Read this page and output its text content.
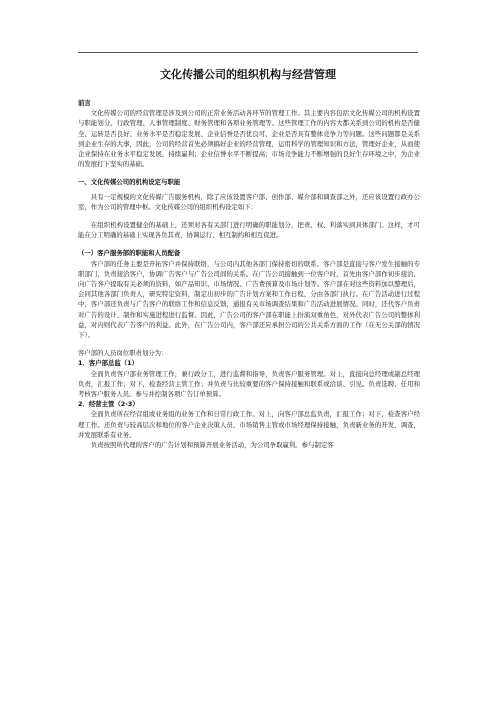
文化传播公司的组织机构与经营管理

前言

文化传媒公司的经营管理是涉及到公司的正常业务活动各环节的管理工作。其主要内容包括文化传媒公司的机构设置与职能划分、行政管理、人事管理制度、财务管理和各项业务管理等。这些管理工作的内容大都关系到公司的机构是否健全、运转是否良好、业务水平是否稳定发展、企业信誉是否优良可、企业是否具有整体竞争力等问题。这些问题都是关系到企业生存的大事，因此，公司的经营首先必须搞好企业的经营管理，运用科学的管理知识和方法，管理好企业，从而使企业保持在业务水平稳定发展，持续赢利；企业信誉水平不断提高；市场竞争能力不断增强的良好生存环境之中，为企业的发展打下坚实的基础。

一、文化传媒公司的机构设定与职能

具有一定规模的文化传媒广告服务机构，除了应该设置客户部、创作部、媒介部和调查部之外，还应该设置行政办公室，作为公司的管理中枢。文化传媒公司的组织机构设定如下：

在组织机构设置健全的基础上，还须对各有关部门进行明确的职能划分，把责、权、利落实到具体部门。这样，才可能在分工明确的基础上实现各负其责、协调运行、相互制约和相互促进。

（一）客户服务部的职能和人员配备

客户部的任务主要是开拓客户并保持联络，与公司内其他各部门保持密切的联系。客户部是直接与客户发生接触的专职部门，负责接洽客户，协调广告客户与广告公司间的关系。在广告公司接触到一位客户时，首先由客户部作初步接洽，向广告客户提取有关必须的资料，如产品知识、市场情况、广告费预算及市场计划等。客户部在对这些资料加以整理后，会同其他各部门负责人，研究特定资料，制定出初步的广告计划方案和工作日程，分由各部门执行。在广告活动进行过程中，客户部还负责与广告客户的联络工作和信息反馈，通报有关市场调查结果和广告活动进展情况。同时，还代客户负责对广告的设计、制作和实施进程进行监督。因此，广告公司的客户部在职能上扮演双重角色，对外代表广告公司的整体利益，对内则代表广告客户的利益。此外，在广告公司内，客户部还应承担公司的公共关系方面的工作（在无公关部的情况下）。

客户部的人员岗位职责划分为：

1．客户部总监（1）

全面负责客户部业务管理工作，兼行政分工，进行监督和指导，负责客户服务管理。对上，直接向总经理或副总经理负责，汇报工作；对下，检查经营主管工作；并负责与比较重要的客户保持接触和联系或洽谈、引见。负责选聘、任用和考核客户服务人员。参与并控制各项广告订单预算。

2．经营主管（2-3）

全面负责所在经营组或业务组的业务工作和日常行政工作。对上，向客户部总监负责，汇报工作；对下，检查客户经理工作。还负责与较高层次和地位的客户企业决策人员、市场销售主管或市场经理保持接触，负责新业务的开发、调查，并发展联系有业务。

负责按照所代理的客户的广告计划和预算开展业务活动，为公司争取赢利。参与制定客
